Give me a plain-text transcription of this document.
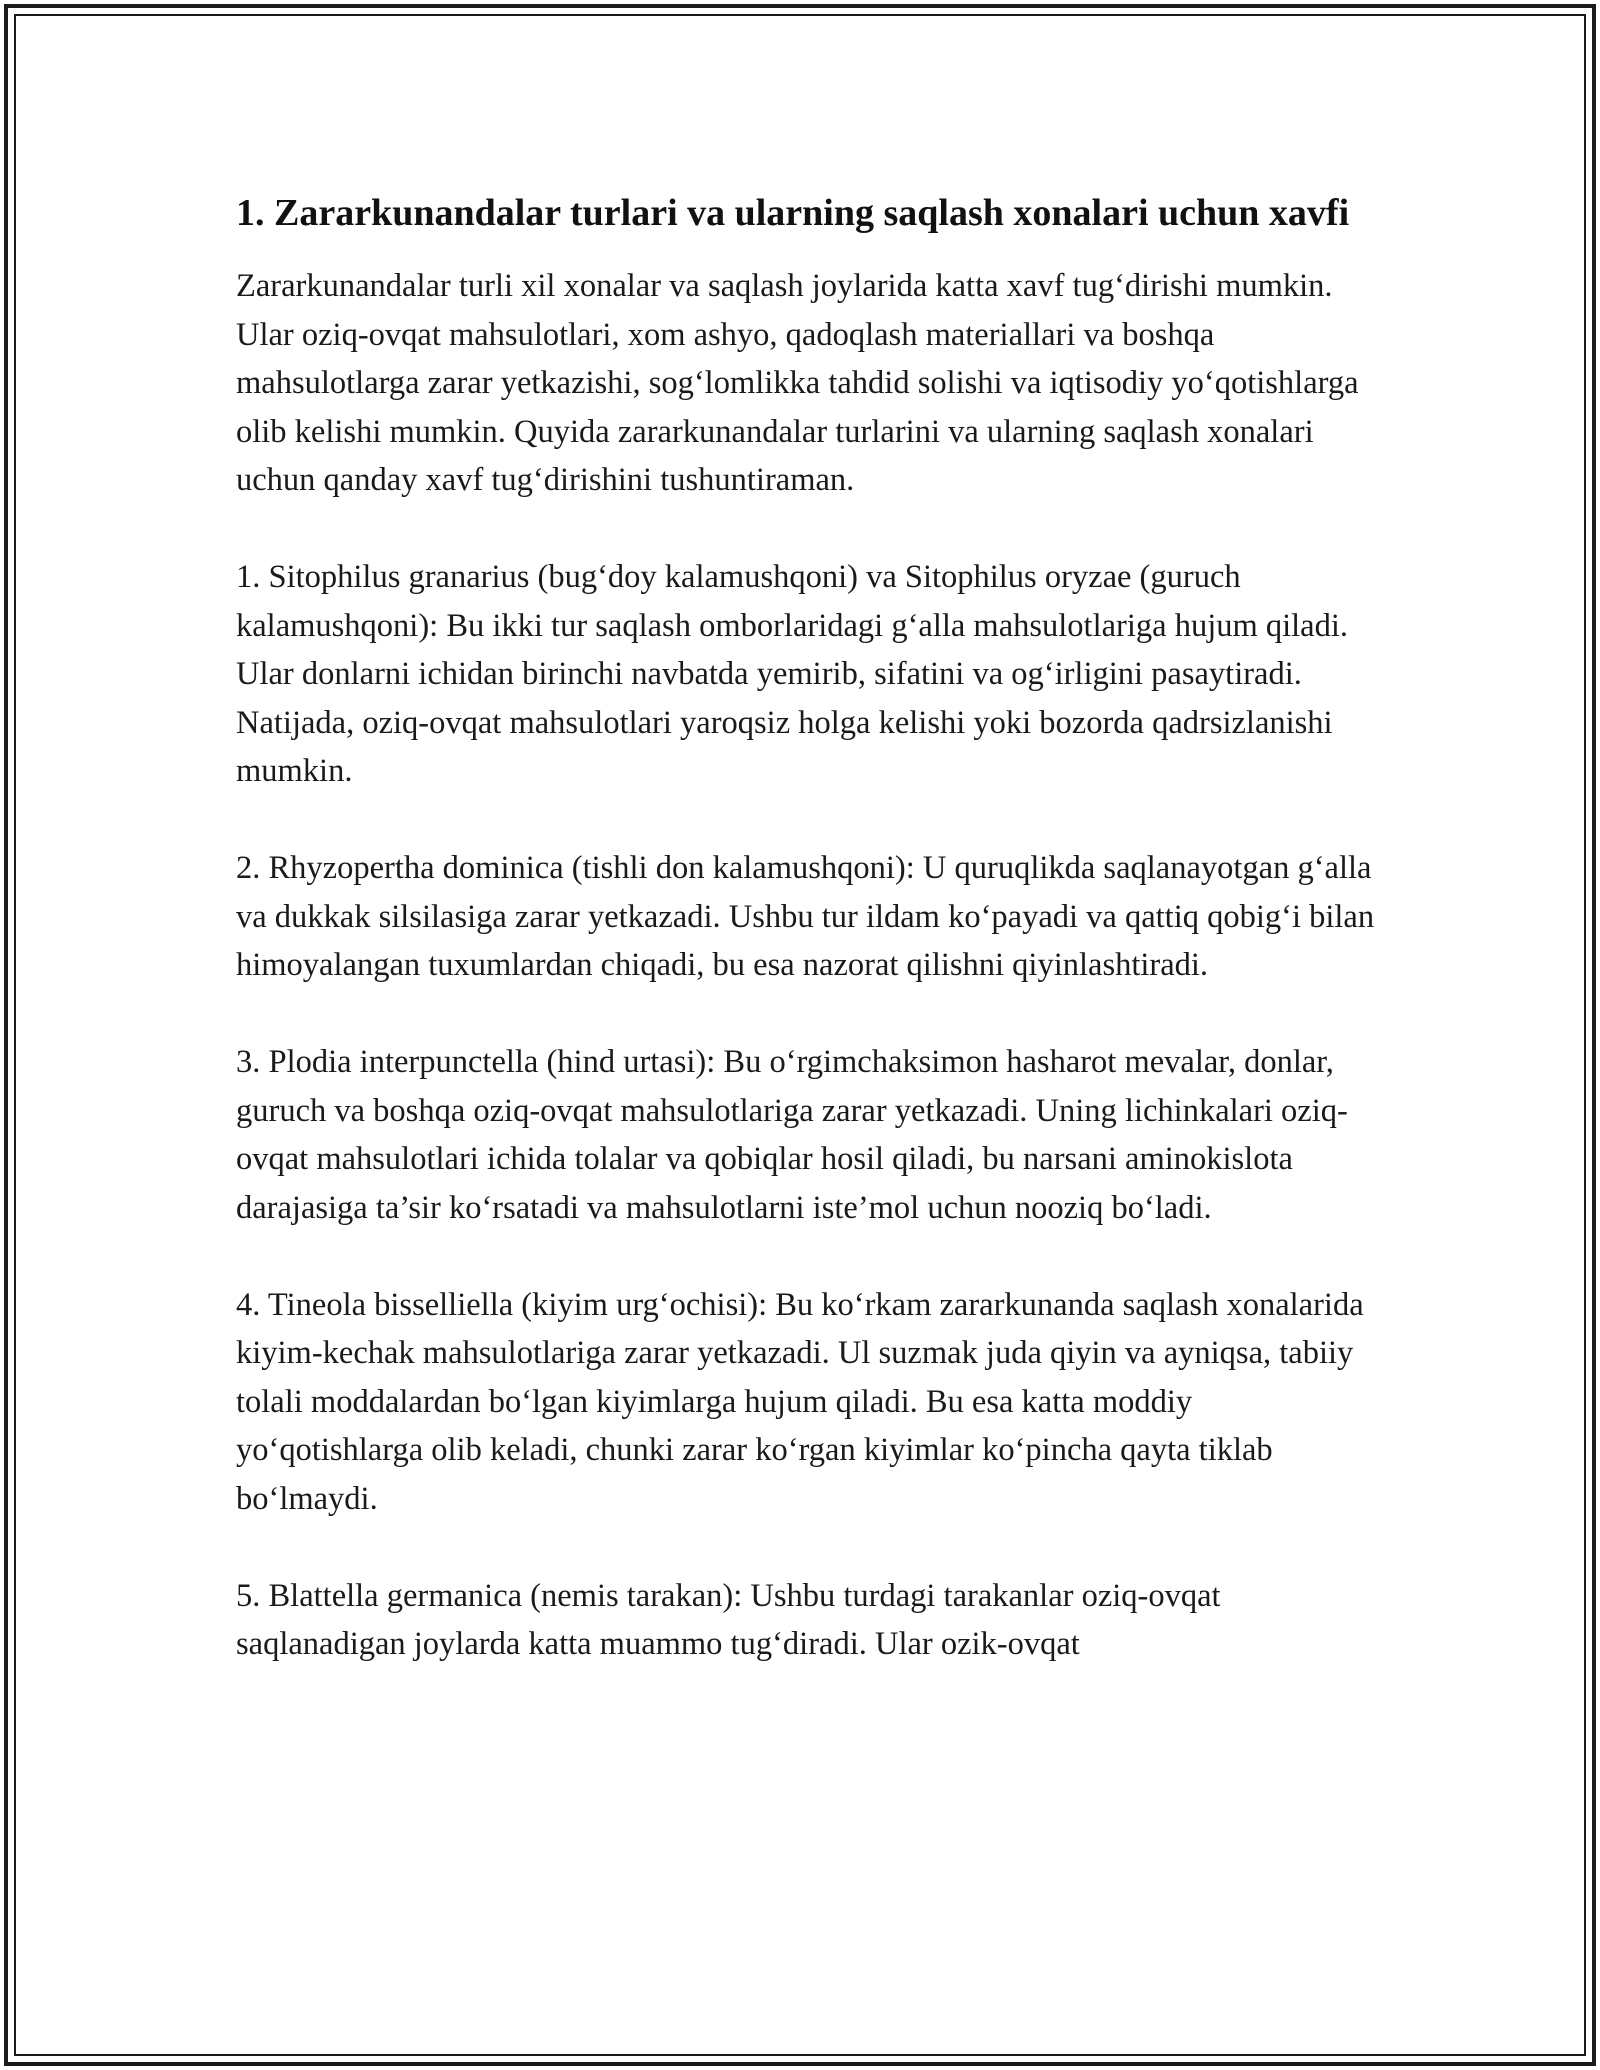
1. Zararkunandalar turlari va ularning saqlash xonalari uchun xavfi

Zararkunandalar turli xil xonalar va saqlash joylarida katta xavf tug‘dirishi mumkin. Ular oziq-ovqat mahsulotlari, xom ashyo, qadoqlash materiallari va boshqa mahsulotlarga zarar yetkazishi, sog‘lomlikka tahdid solishi va iqtisodiy yo‘qotishlarga olib kelishi mumkin. Quyida zararkunandalar turlarini va ularning saqlash xonalari uchun qanday xavf tug‘dirishini tushuntiraman.

1. Sitophilus granarius (bug‘doy kalamushqoni) va Sitophilus oryzae (guruch kalamushqoni): Bu ikki tur saqlash omborlaridagi g‘alla mahsulotlariga hujum qiladi. Ular donlarni ichidan birinchi navbatda yemirib, sifatini va og‘irligini pasaytiradi. Natijada, oziq-ovqat mahsulotlari yaroqsiz holga kelishi yoki bozorda qadrsizlanishi mumkin.

2. Rhyzopertha dominica (tishli don kalamushqoni): U quruqlikda saqlanayotgan g‘alla va dukkak silsilasiga zarar yetkazadi. Ushbu tur ildam ko‘payadi va qattiq qobig‘i bilan himoyalangan tuxumlardan chiqadi, bu esa nazorat qilishni qiyinlashtiradi.

3. Plodia interpunctella (hind urtasi): Bu o‘rgimchaksimon hasharot mevalar, donlar, guruch va boshqa oziq-ovqat mahsulotlariga zarar yetkazadi. Uning lichinkalari oziq-ovqat mahsulotlari ichida tolalar va qobiqlar hosil qiladi, bu narsani aminokislota darajasiga ta’sir ko‘rsatadi va mahsulotlarni iste’mol uchun nooziq bo‘ladi.

4. Tineola bisselliella (kiyim urg‘ochisi): Bu ko‘rkam zararkunanda saqlash xonalarida kiyim-kechak mahsulotlariga zarar yetkazadi. Ul suzmak juda qiyin va ayniqsa, tabiiy tolali moddalardan bo‘lgan kiyimlarga hujum qiladi. Bu esa katta moddiy yo‘qotishlarga olib keladi, chunki zarar ko‘rgan kiyimlar ko‘pincha qayta tiklab bo‘lmaydi.

5. Blattella germanica (nemis tarakan): Ushbu turdagi tarakanlar oziq-ovqat saqlanadigan joylarda katta muammo tug‘diradi. Ular ozik-ovqat
